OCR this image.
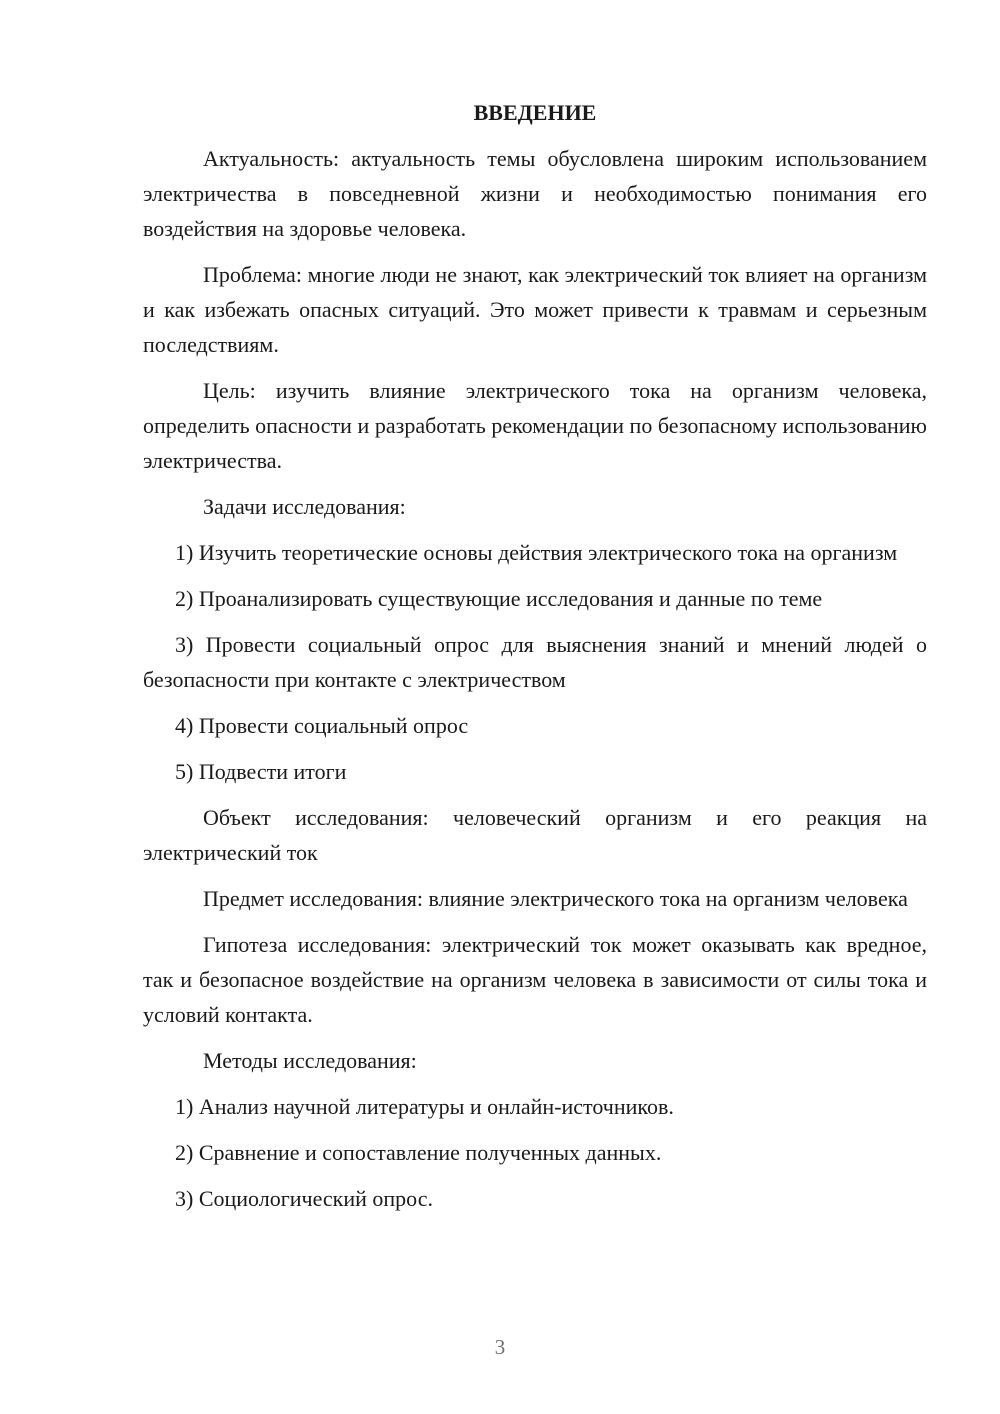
ВВЕДЕНИЕ

Актуальность: актуальность темы обусловлена широким использованием электричества в повседневной жизни и необходимостью понимания его воздействия на здоровье человека.

Проблема: многие люди не знают, как электрический ток влияет на организм и как избежать опасных ситуаций. Это может привести к травмам и серьезным последствиям.

Цель: изучить влияние электрического тока на организм человека, определить опасности и разработать рекомендации по безопасному использованию электричества.

Задачи исследования:

1) Изучить теоретические основы действия электрического тока на организм

2) Проанализировать существующие исследования и данные по теме

3) Провести социальный опрос для выяснения знаний и мнений людей о безопасности при контакте с электричеством

4) Провести социальный опрос

5) Подвести итоги

Объект исследования: человеческий организм и его реакция на электрический ток

Предмет исследования: влияние электрического тока на организм человека

Гипотеза исследования: электрический ток может оказывать как вредное, так и безопасное воздействие на организм человека в зависимости от силы тока и условий контакта.

Методы исследования:

1) Анализ научной литературы и онлайн-источников.

2) Сравнение и сопоставление полученных данных.

3) Социологический опрос.

3
